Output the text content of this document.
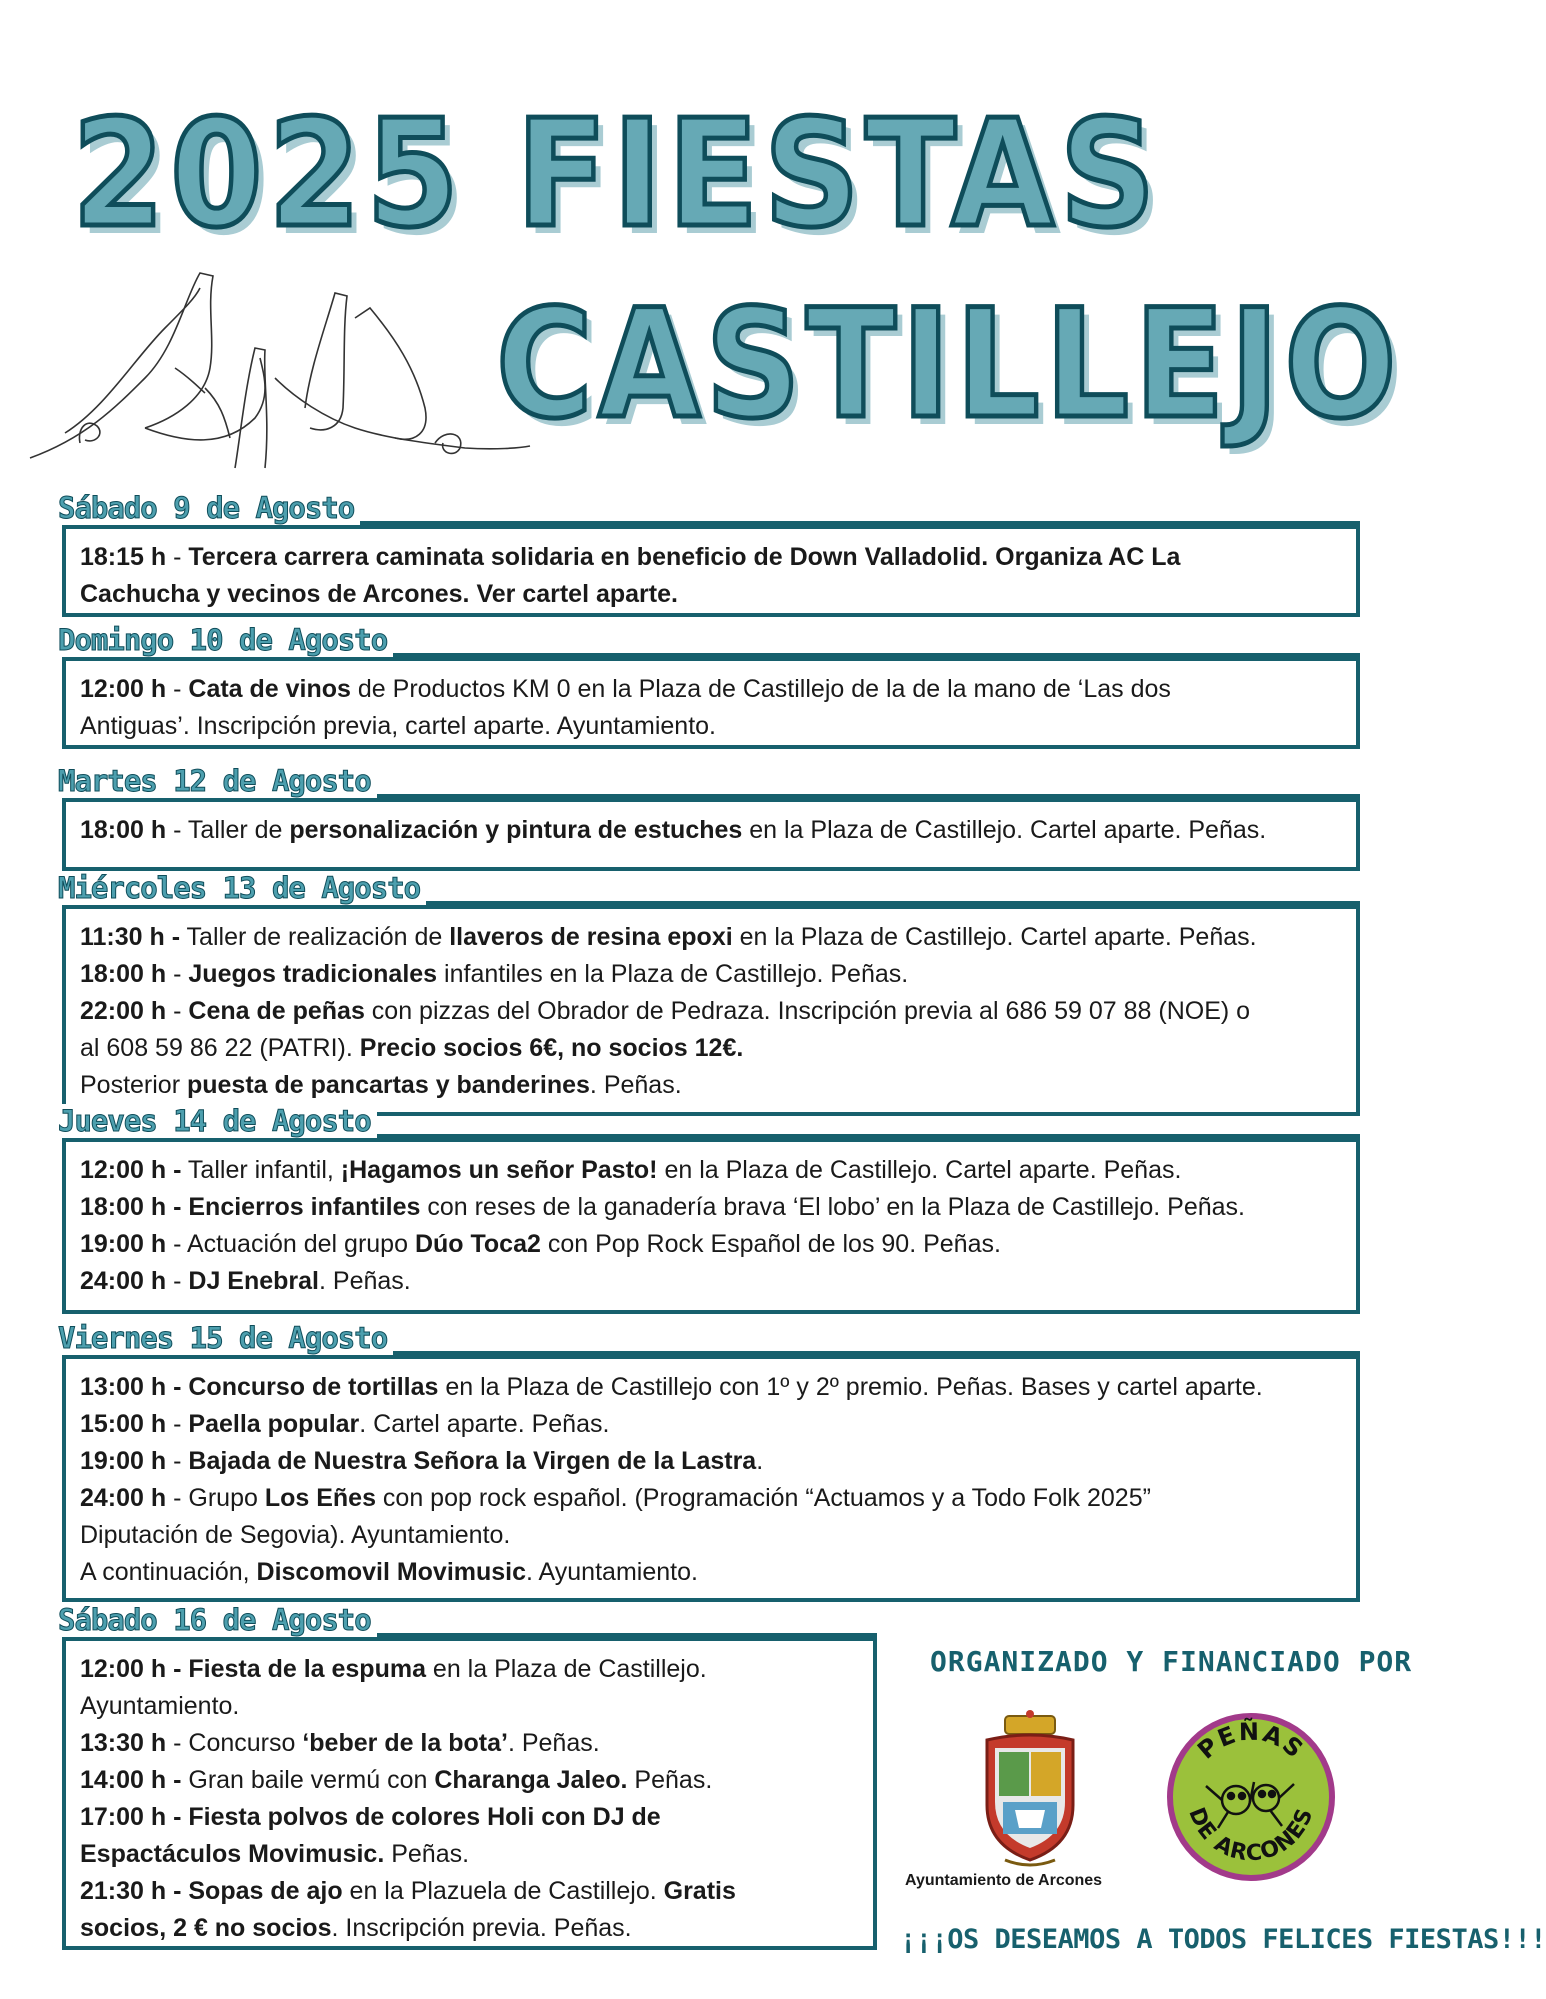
2025 FIESTAS
CASTILLEJO
18:15 h - Tercera carrera caminata solidaria en beneficio de Down Valladolid. Organiza AC La
Cachucha y vecinos de Arcones. Ver cartel aparte.
Sábado 9 de Agosto
12:00 h - Cata de vinos de Productos KM 0 en la Plaza de Castillejo de la de la mano de ‘Las dos
Antiguas’. Inscripción previa, cartel aparte. Ayuntamiento.
Domingo 10 de Agosto
18:00 h - Taller de personalización y pintura de estuches en la Plaza de Castillejo. Cartel aparte. Peñas.
Martes 12 de Agosto
11:30 h - Taller de realización de llaveros de resina epoxi en la Plaza de Castillejo. Cartel aparte. Peñas.
18:00 h - Juegos tradicionales infantiles en la Plaza de Castillejo. Peñas.
22:00 h - Cena de peñas con pizzas del Obrador de Pedraza. Inscripción previa al 686 59 07 88 (NOE) o
al 608 59 86 22 (PATRI). Precio socios 6€, no socios 12€.
Posterior puesta de pancartas y banderines. Peñas.
Miércoles 13 de Agosto
12:00 h - Taller infantil, ¡Hagamos un señor Pasto! en la Plaza de Castillejo. Cartel aparte. Peñas.
18:00 h - Encierros infantiles con reses de la ganadería brava ‘El lobo’ en la Plaza de Castillejo. Peñas.
19:00 h - Actuación del grupo Dúo Toca2 con Pop Rock Español de los 90. Peñas.
24:00 h - DJ Enebral. Peñas.
Jueves 14 de Agosto
13:00 h - Concurso de tortillas en la Plaza de Castillejo con 1º y 2º premio. Peñas. Bases y cartel aparte.
15:00 h - Paella popular. Cartel aparte. Peñas.
19:00 h - Bajada de Nuestra Señora la Virgen de la Lastra.
24:00 h - Grupo Los Eñes con pop rock español. (Programación “Actuamos y a Todo Folk 2025”
Diputación de Segovia). Ayuntamiento.
A continuación, Discomovil Movimusic. Ayuntamiento.
Viernes 15 de Agosto
12:00 h - Fiesta de la espuma en la Plaza de Castillejo.
Ayuntamiento.
13:30 h - Concurso ‘beber de la bota’. Peñas.
14:00 h - Gran baile vermú con Charanga Jaleo. Peñas.
17:00 h - Fiesta polvos de colores Holi con DJ de
Espactáculos Movimusic. Peñas.
21:30 h - Sopas de ajo en la Plazuela de Castillejo. Gratis
socios, 2 € no socios. Inscripción previa. Peñas.
Sábado 16 de Agosto
ORGANIZADO Y FINANCIADO POR
Ayuntamiento de Arcones
PEÑAS
DE ARCONES
¡¡¡OS DESEAMOS A TODOS FELICES FIESTAS!!!
